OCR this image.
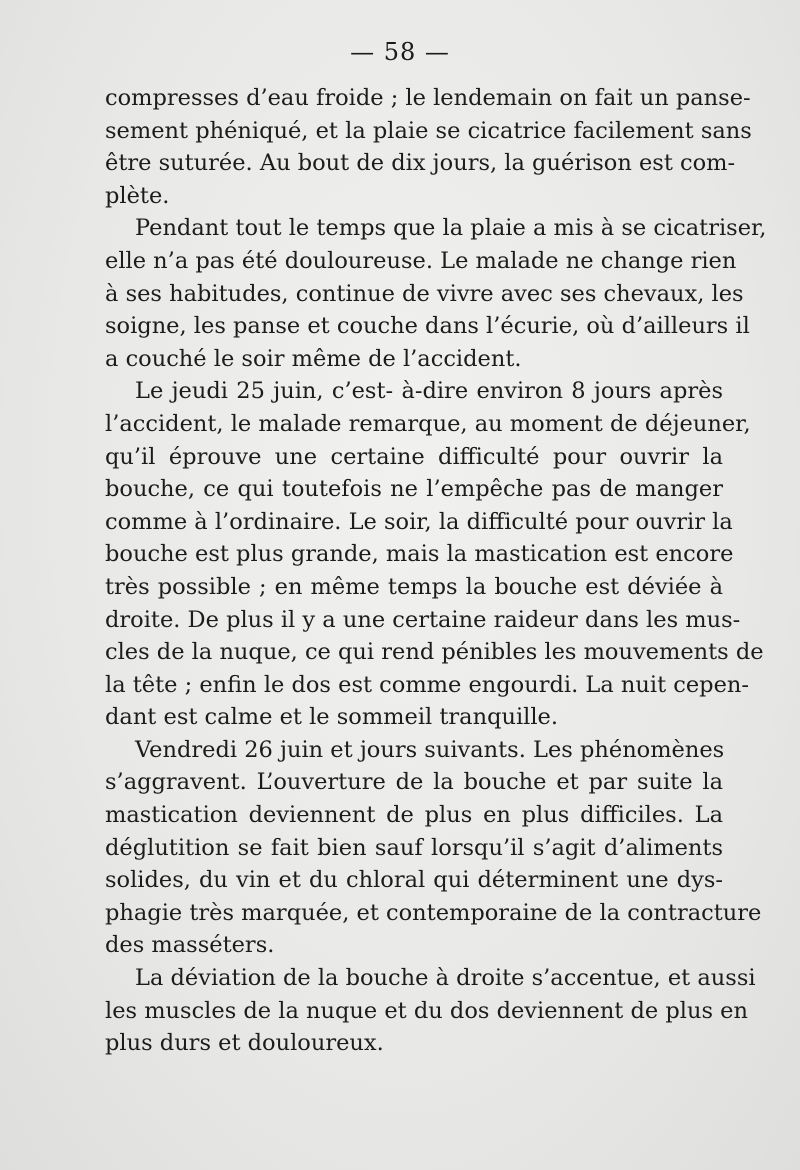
— 58 —
compresses d’eau froide ; le lendemain on fait un panse-
sement phéniqué, et la plaie se cicatrice facilement sans
être suturée. Au bout de dix jours, la guérison est com-
plète.
Pendant tout le temps que la plaie a mis à se cicatriser,
elle n’a pas été douloureuse. Le malade ne change rien
à ses habitudes, continue de vivre avec ses chevaux, les
soigne, les panse et couche dans l’écurie, où d’ailleurs il
a couché le soir même de l’accident.
Le jeudi 25 juin, c’est- à-dire environ 8 jours après
l’accident, le malade remarque, au moment de déjeuner,
qu’il éprouve une certaine difficulté pour ouvrir la
bouche, ce qui toutefois ne l’empêche pas de manger
comme à l’ordinaire. Le soir, la difficulté pour ouvrir la
bouche est plus grande, mais la mastication est encore
très possible ; en même temps la bouche est déviée à
droite. De plus il y a une certaine raideur dans les mus-
cles de la nuque, ce qui rend pénibles les mouvements de
la tête ; enfin le dos est comme engourdi. La nuit cepen-
dant est calme et le sommeil tranquille.
Vendredi 26 juin et jours suivants. Les phénomènes
s’aggravent. L’ouverture de la bouche et par suite la
mastication deviennent de plus en plus difficiles. La
déglutition se fait bien sauf lorsqu’il s’agit d’aliments
solides, du vin et du chloral qui déterminent une dys-
phagie très marquée, et contemporaine de la contracture
des masséters.
La déviation de la bouche à droite s’accentue, et aussi
les muscles de la nuque et du dos deviennent de plus en
plus durs et douloureux.
